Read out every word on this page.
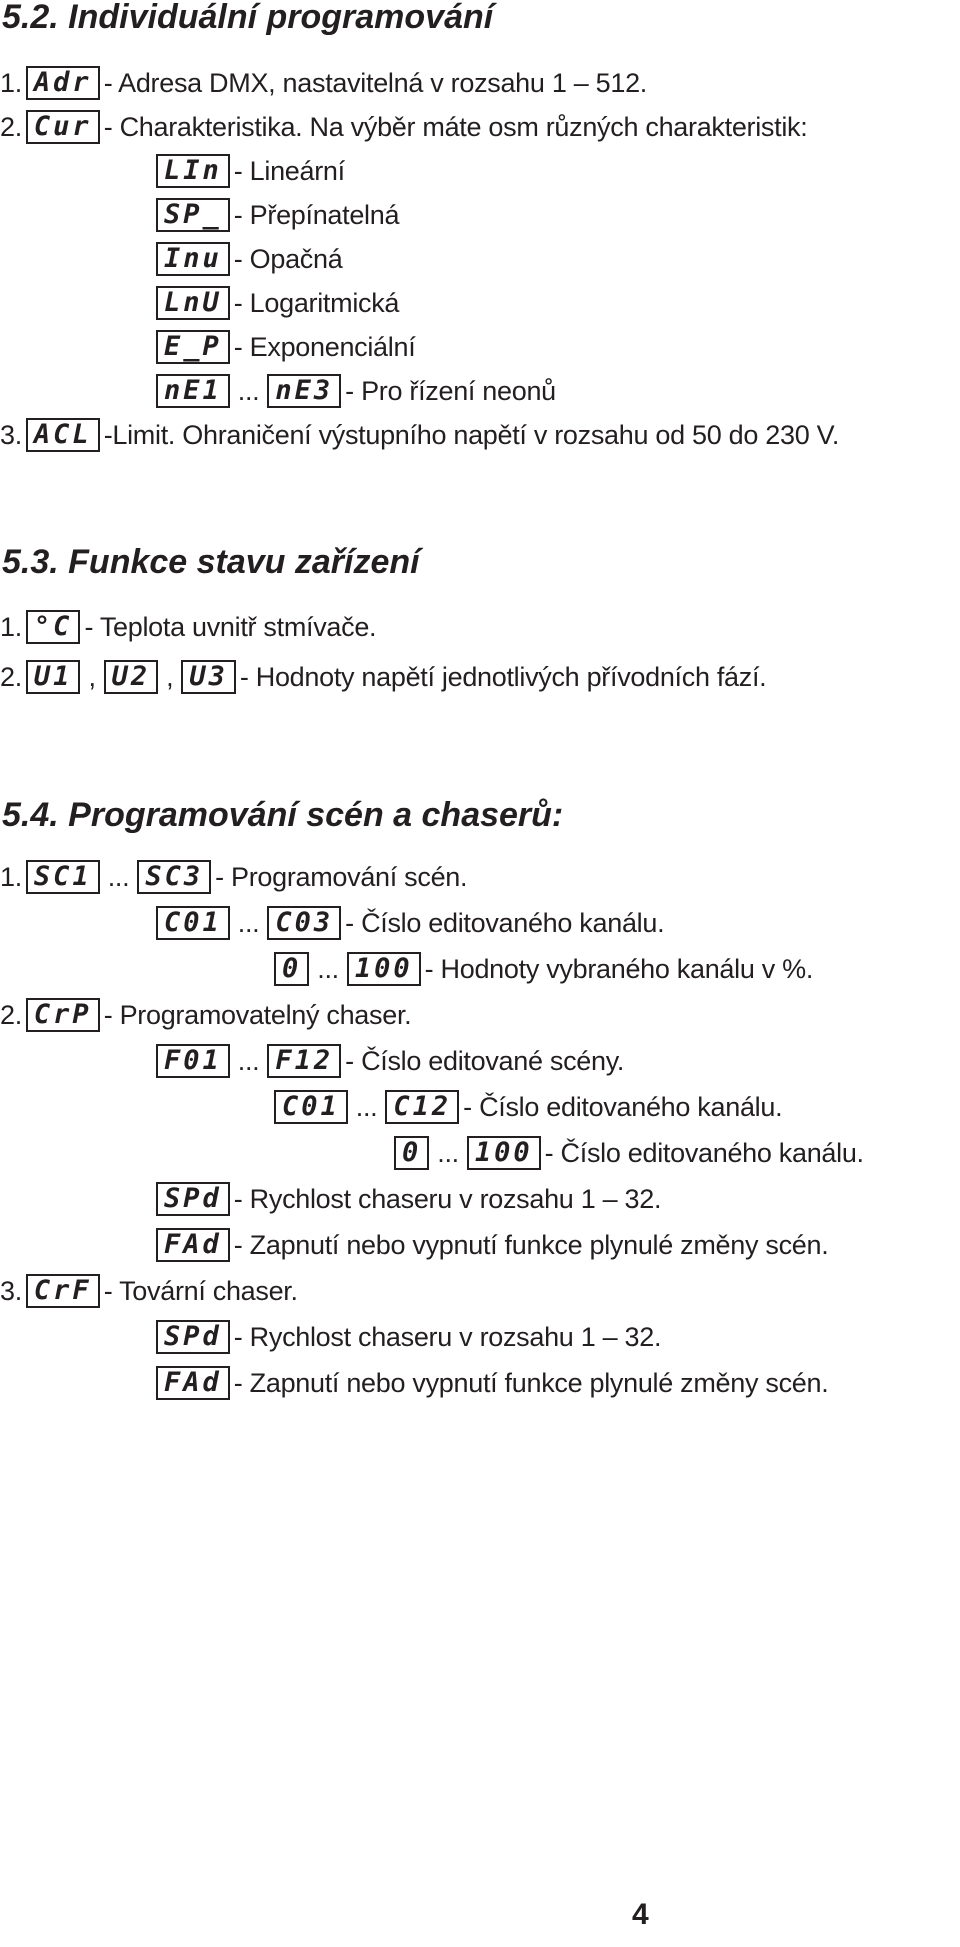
4
5.2. Individuální programování
1. Adr - Adresa DMX, nastavitelná v rozsahu 1 – 512.
2. Cur - Charakteristika. Na výběr máte osm různých charakteristik:
LIn - Lineární
SP_ - Přepínatelná
Inu - Opačná
LnU - Logaritmická
E_P - Exponenciální
nE1 ... nE3 - Pro řízení neonů
3. ACL -Limit. Ohraničení výstupního napětí v rozsahu od 50 do 230 V.
5.3. Funkce stavu zařízení
1. °C - Teplota uvnitř stmívače.
2. U1 , U2 , U3 - Hodnoty napětí jednotlivých přívodních fází.
5.4. Programování scén a chaserů:
1. SC1 ... SC3 - Programování scén.
C01 ... C03 - Číslo editovaného kanálu.
0 ... 100 - Hodnoty vybraného kanálu v %.
2. CrP - Programovatelný chaser.
F01 ... F12 - Číslo editované scény.
C01 ... C12 - Číslo editovaného kanálu.
0 ... 100 - Číslo editovaného kanálu.
SPd - Rychlost chaseru v rozsahu 1 – 32.
FAd - Zapnutí nebo vypnutí funkce plynulé změny scén.
3. CrF - Tovární chaser.
SPd - Rychlost chaseru v rozsahu 1 – 32.
FAd - Zapnutí nebo vypnutí funkce plynulé změny scén.
